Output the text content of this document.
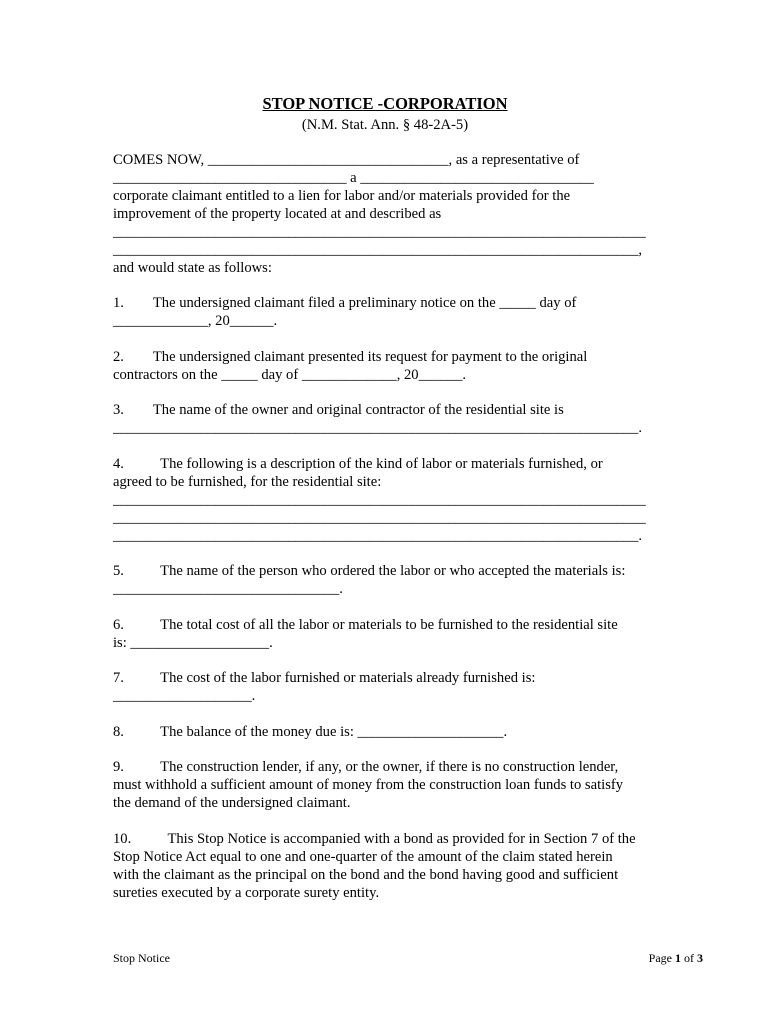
STOP NOTICE -CORPORATION
(N.M. Stat. Ann. § 48-2A-5)
COMES NOW, _________________________________, as a representative of
________________________________ a ________________________________
corporate claimant entitled to a lien for labor and/or materials provided for the
improvement of the property located at and described as
_________________________________________________________________________
________________________________________________________________________,
and would state as follows:
1.        The undersigned claimant filed a preliminary notice on the _____ day of
_____________, 20______.
2.        The undersigned claimant presented its request for payment to the original
contractors on the _____ day of _____________, 20______.
3.        The name of the owner and original contractor of the residential site is
________________________________________________________________________.
4.          The following is a description of the kind of labor or materials furnished, or
agreed to be furnished, for the residential site:
_________________________________________________________________________
_________________________________________________________________________
________________________________________________________________________.
5.          The name of the person who ordered the labor or who accepted the materials is:
_______________________________.
6.          The total cost of all the labor or materials to be furnished to the residential site
is: ___________________.
7.          The cost of the labor furnished or materials already furnished is:
___________________.
8.          The balance of the money due is: ____________________.
9.          The construction lender, if any, or the owner, if there is no construction lender,
must withhold a sufficient amount of money from the construction loan funds to satisfy
the demand of the undersigned claimant.
10.          This Stop Notice is accompanied with a bond as provided for in Section 7 of the
Stop Notice Act equal to one and one-quarter of the amount of the claim stated herein
with the claimant as the principal on the bond and the bond having good and sufficient
sureties executed by a corporate surety entity.
Stop Notice	Page 1 of 3
